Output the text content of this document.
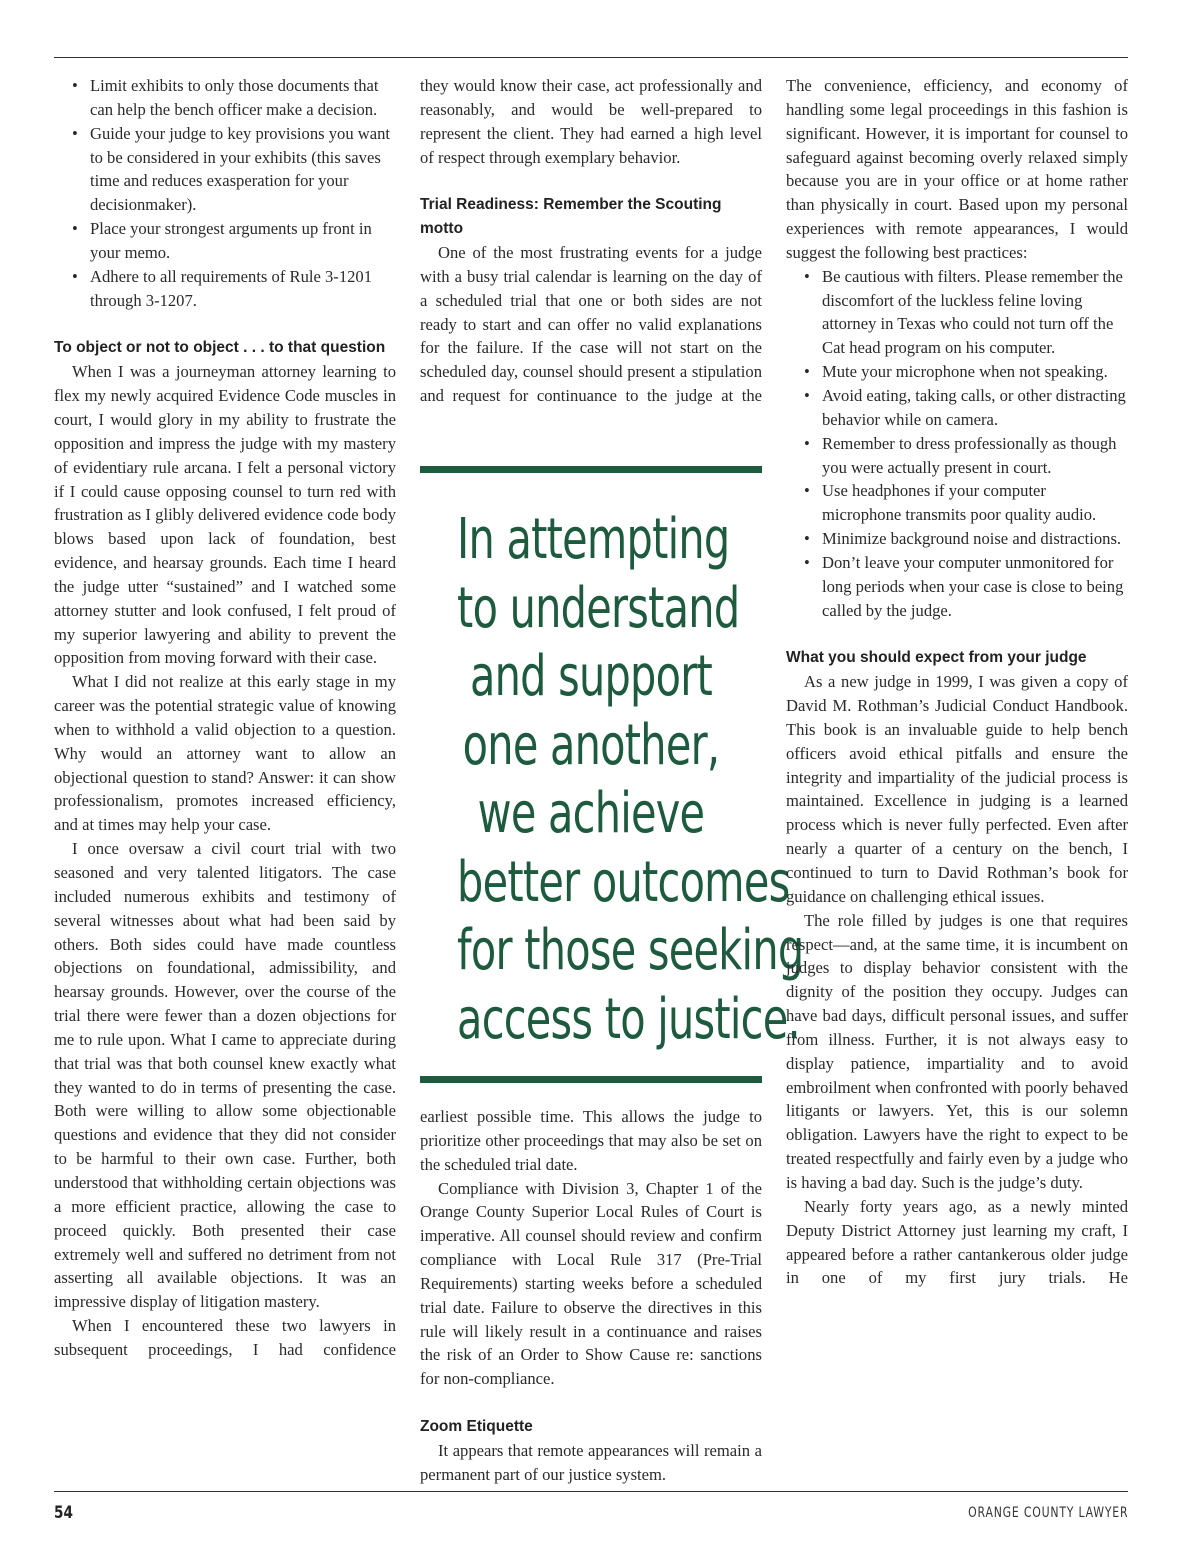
• Limit exhibits to only those documents that can help the bench officer make a decision.
• Guide your judge to key provisions you want to be considered in your exhibits (this saves time and reduces exasperation for your decisionmaker).
• Place your strongest arguments up front in your memo.
• Adhere to all requirements of Rule 3-1201 through 3-1207.
To object or not to object . . . to that question

When I was a journeyman attorney learning to flex my newly acquired Evidence Code muscles in court, I would glory in my ability to frustrate the opposition and impress the judge with my mastery of evidentiary rule arcana. I felt a personal victory if I could cause opposing counsel to turn red with frustration as I glibly delivered evidence code body blows based upon lack of foundation, best evidence, and hearsay grounds. Each time I heard the judge utter “sustained” and I watched some attorney stutter and look confused, I felt proud of my superior lawyering and ability to prevent the opposition from moving forward with their case.

What I did not realize at this early stage in my career was the potential strategic value of knowing when to withhold a valid objection to a question. Why would an attorney want to allow an objectional question to stand? Answer: it can show professionalism, promotes increased efficiency, and at times may help your case.

I once oversaw a civil court trial with two seasoned and very talented litigators. The case included numerous exhibits and testimony of several witnesses about what had been said by others. Both sides could have made countless objections on foundational, admissibility, and hearsay grounds. However, over the course of the trial there were fewer than a dozen objections for me to rule upon. What I came to appreciate during that trial was that both counsel knew exactly what they wanted to do in terms of presenting the case. Both were willing to allow some objectionable questions and evidence that they did not consider to be harmful to their own case. Further, both understood that withholding certain objections was a more efficient practice, allowing the case to proceed quickly. Both presented their case extremely well and suffered no detriment from not asserting all available objections. It was an impressive display of litigation mastery.

When I encountered these two lawyers in subsequent proceedings, I had confidence

they would know their case, act professionally and reasonably, and would be well-prepared to represent the client. They had earned a high level of respect through exemplary behavior.

Trial Readiness: Remember the Scouting motto

One of the most frustrating events for a judge with a busy trial calendar is learning on the day of a scheduled trial that one or both sides are not ready to start and can offer no valid explanations for the failure. If the case will not start on the scheduled day, counsel should present a stipulation and request for continuance to the judge at the

In attempting
to understand
and support
one another,
we achieve
better outcomes
for those seeking
access to justice.

earliest possible time. This allows the judge to prioritize other proceedings that may also be set on the scheduled trial date.

Compliance with Division 3, Chapter 1 of the Orange County Superior Local Rules of Court is imperative. All counsel should review and confirm compliance with Local Rule 317 (Pre-Trial Requirements) starting weeks before a scheduled trial date. Failure to observe the directives in this rule will likely result in a continuance and raises the risk of an Order to Show Cause re: sanctions for non-compliance.

Zoom Etiquette

It appears that remote appearances will remain a permanent part of our justice system.

The convenience, efficiency, and economy of handling some legal proceedings in this fashion is significant. However, it is important for counsel to safeguard against becoming overly relaxed simply because you are in your office or at home rather than physically in court. Based upon my personal experiences with remote appearances, I would suggest the following best practices:

• Be cautious with filters. Please remember the discomfort of the luckless feline loving attorney in Texas who could not turn off the Cat head program on his computer.
• Mute your microphone when not speaking.
• Avoid eating, taking calls, or other distracting behavior while on camera.
• Remember to dress professionally as though you were actually present in court.
• Use headphones if your computer microphone transmits poor quality audio.
• Minimize background noise and distractions.
• Don’t leave your computer unmonitored for long periods when your case is close to being called by the judge.
What you should expect from your judge

As a new judge in 1999, I was given a copy of David M. Rothman’s Judicial Conduct Handbook. This book is an invaluable guide to help bench officers avoid ethical pitfalls and ensure the integrity and impartiality of the judicial process is maintained. Excellence in judging is a learned process which is never fully perfected. Even after nearly a quarter of a century on the bench, I continued to turn to David Rothman’s book for guidance on challenging ethical issues.

The role filled by judges is one that requires respect—and, at the same time, it is incumbent on judges to display behavior consistent with the dignity of the position they occupy. Judges can have bad days, difficult personal issues, and suffer from illness. Further, it is not always easy to display patience, impartiality and to avoid embroilment when confronted with poorly behaved litigants or lawyers. Yet, this is our solemn obligation. Lawyers have the right to expect to be treated respectfully and fairly even by a judge who is having a bad day. Such is the judge’s duty.

Nearly forty years ago, as a newly minted Deputy District Attorney just learning my craft, I appeared before a rather cantankerous older judge in one of my first jury trials. He

54	ORANGE COUNTY LAWYER
